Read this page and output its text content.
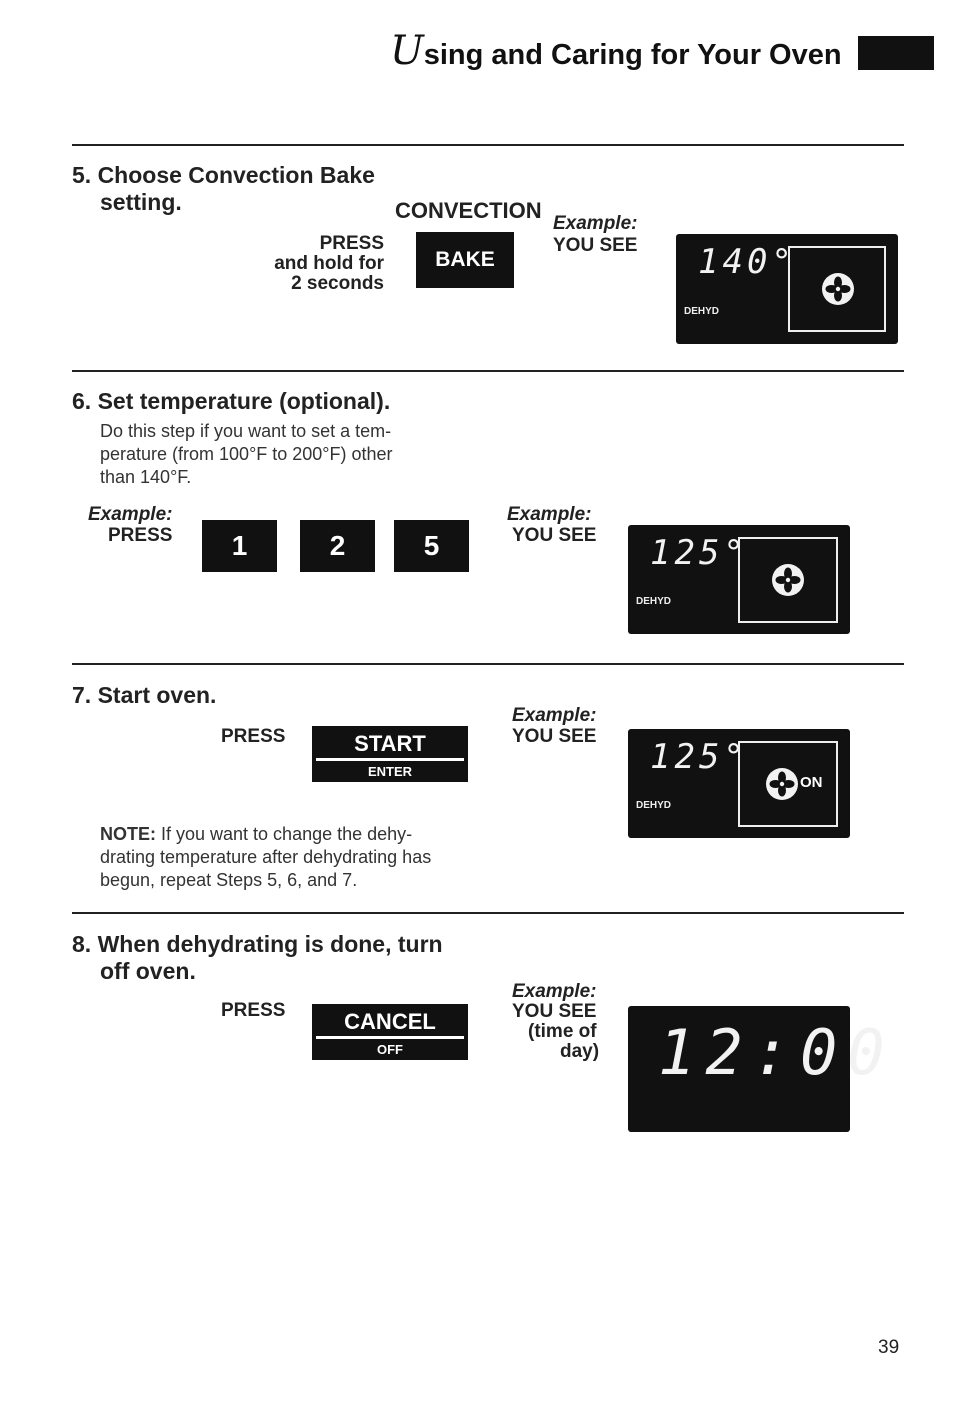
Using and Caring for Your Oven
5. Choose Convection Bake
setting.	CONVECTION
PRESS
and hold for
2 seconds
BAKE
Example:
YOU SEE 140°
DEHYD
6. Set temperature (optional).
Do this step if you want to set a tem-
perature (from 100°F to 200°F) other
than 140°F.
Example:
PRESS	1	2	5
Example:
YOU SEE 125°
DEHYD
7. Start oven.
PRESS	START
ENTER
Example:
YOU SEE
125°
DEHYD
ON
NOTE: If you want to change the dehy-
drating temperature after dehydrating has
begun, repeat Steps 5, 6, and 7.
8. When dehydrating is done, turn
off oven.
PRESS	CANCEL
OFF
Example:
YOU SEE
(time of
day) 12:00
39
